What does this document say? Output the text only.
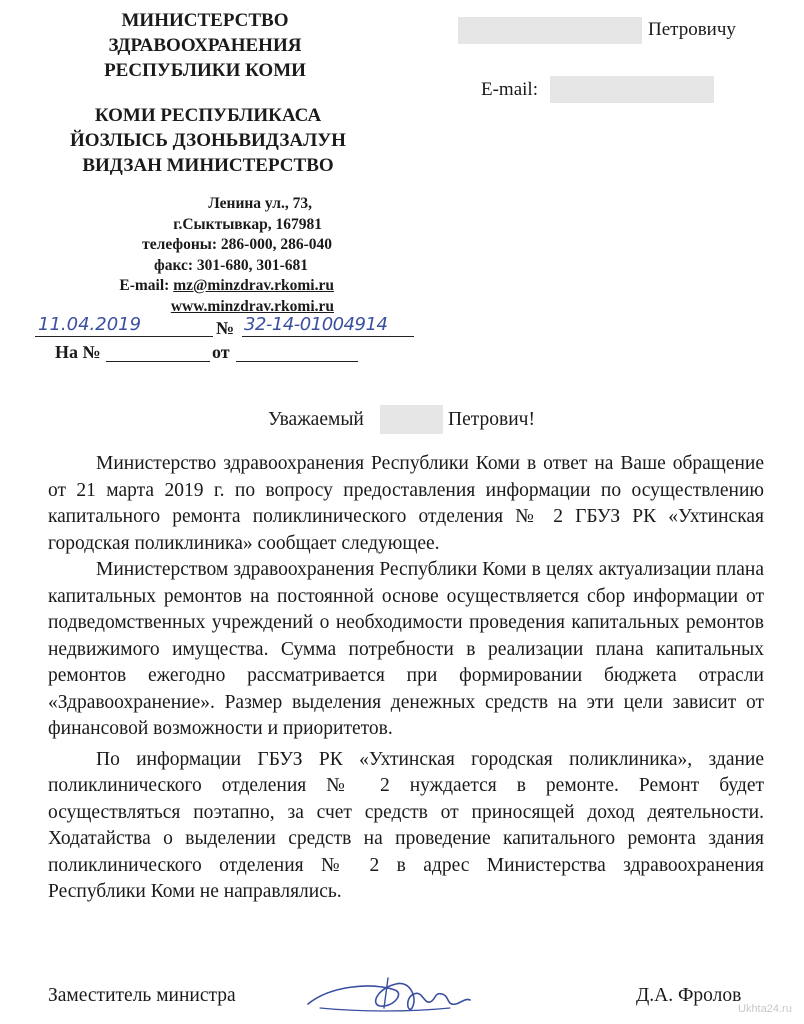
МИНИСТЕРСТВО
ЗДРАВООХРАНЕНИЯ
РЕСПУБЛИКИ КОМИ
КОМИ РЕСПУБЛИКАСА
ЙОЗЛЫСЬ ДЗОНЬВИДЗАЛУН
ВИДЗАН МИНИСТЕРСТВО
Ленина ул., 73,
г.Сыктывкар, 167981
телефоны: 286-000, 286-040
факс: 301-680, 301-681
E-mail: mz@minzdrav.rkomi.ru
www.minzdrav.rkomi.ru
11.04.2019	№ 32-14-01004914
На №	от
Петровичу
E-mail:
Уважаемый	Петрович!

Министерство здравоохранения Республики Коми в ответ на Ваше обращение от 21 марта 2019 г. по вопросу предоставления информации по осуществлению капитального ремонта поликлинического отделения № 2 ГБУЗ РК «Ухтинская городская поликлиника» сообщает следующее.

Министерством здравоохранения Республики Коми в целях актуализации плана капитальных ремонтов на постоянной основе осуществляется сбор информации от подведомственных учреждений о необходимости проведения капитальных ремонтов недвижимого имущества. Сумма потребности в реализации плана капитальных ремонтов ежегодно рассматривается при формировании бюджета отрасли «Здравоохранение». Размер выделения денежных средств на эти цели зависит от финансовой возможности и приоритетов.

По информации ГБУЗ РК «Ухтинская городская поликлиника», здание поликлинического отделения № 2 нуждается в ремонте. Ремонт будет осуществляться поэтапно, за счет средств от приносящей доход деятельности. Ходатайства о выделении средств на проведение капитального ремонта здания поликлинического отделения № 2 в адрес Министерства здравоохранения Республики Коми не направлялись.

Заместитель министра	Д.А. Фролов
Ukhta24.ru
